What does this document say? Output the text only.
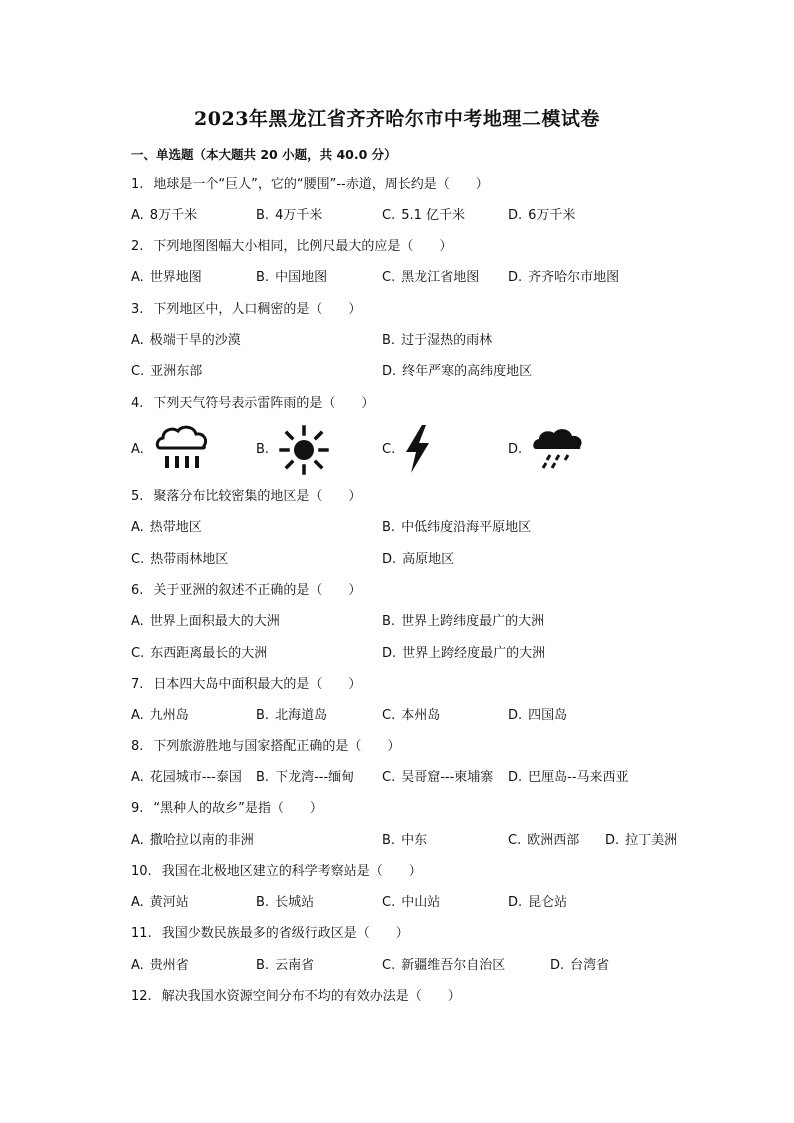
2023年黑龙江省齐齐哈尔市中考地理二模试卷
一、单选题（本大题共 20 小题，共 40.0 分）
1. 地球是一个“巨人”，它的“腰围”--赤道，周长约是（　　）
A. 8万千米	B. 4万千米	C. 5.1 亿千米	D. 6万千米
2. 下列地图图幅大小相同，比例尺最大的应是（　　）
A. 世界地图	B. 中国地图	C. 黑龙江省地图 D. 齐齐哈尔市地图
3. 下列地区中，人口稠密的是（　　）
A. 极端干旱的沙漠	B. 过于湿热的雨林
C. 亚洲东部	D. 终年严寒的高纬度地区
4. 下列天气符号表示雷阵雨的是（　　）
A.	B.	C.	D.
5. 聚落分布比较密集的地区是（　　）
A. 热带地区	B. 中低纬度沿海平原地区
C. 热带雨林地区	D. 高原地区
6. 关于亚洲的叙述不正确的是（　　）
A. 世界上面积最大的大洲	B. 世界上跨纬度最广的大洲
C. 东西距离最长的大洲	D. 世界上跨经度最广的大洲
7. 日本四大岛中面积最大的是（　　）
A. 九州岛	B. 北海道岛	C. 本州岛	D. 四国岛
8. 下列旅游胜地与国家搭配正确的是（　　）
A. 花园城市---泰国 B. 下龙湾---缅甸 C. 吴哥窟---柬埔寨 D. 巴厘岛--马来西亚
9. “黑种人的故乡”是指（　　）
A. 撒哈拉以南的非洲	B. 中东	C. 欧洲西部 D. 拉丁美洲
10. 我国在北极地区建立的科学考察站是（　　）
A. 黄河站	B. 长城站	C. 中山站	D. 昆仑站
11. 我国少数民族最多的省级行政区是（　　）
A. 贵州省	B. 云南省	C. 新疆维吾尔自治区	D. 台湾省
12. 解决我国水资源空间分布不均的有效办法是（　　）
